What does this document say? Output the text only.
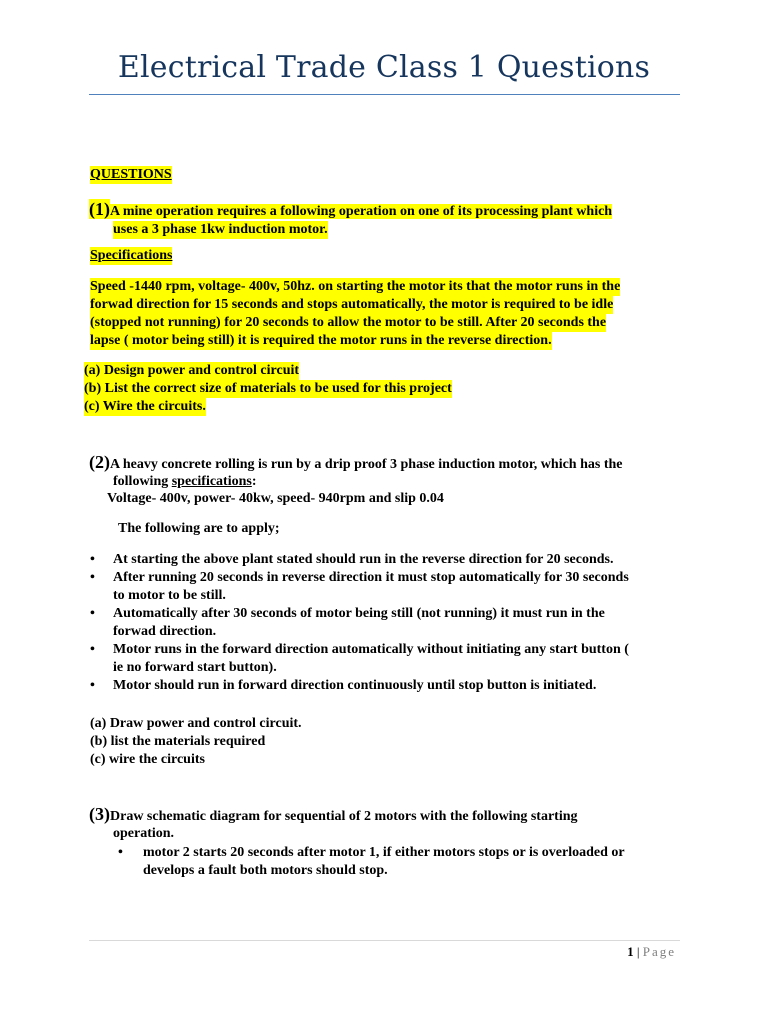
Electrical Trade Class 1 Questions
QUESTIONS
(1)A mine operation requires a following operation on one of its processing plant which
uses a 3 phase 1kw induction motor.
Specifications
Speed -1440 rpm, voltage- 400v, 50hz. on starting the motor its that the motor runs in the
forwad direction for 15 seconds and stops automatically, the motor is required to be idle
(stopped not running) for 20 seconds to allow the motor to be still. After 20 seconds the
lapse ( motor being still) it is required the motor runs in the reverse direction.
(a) Design power and control circuit
(b) List the correct size of materials to be used for this project
(c) Wire the circuits.
(2)A heavy concrete rolling is run by a drip proof 3 phase induction motor, which has the
following specifications:
Voltage- 400v, power- 40kw, speed- 940rpm and slip 0.04
The following are to apply;
• At starting the above plant stated should run in the reverse direction for 20 seconds.
• After running 20 seconds in reverse direction it must stop automatically for 30 seconds
to motor to be still.
• Automatically after 30 seconds of motor being still (not running) it must run in the
forwad direction.
• Motor runs in the forward direction automatically without initiating any start button (
ie no forward start button).
• Motor should run in forward direction continuously until stop button is initiated.
(a) Draw power and control circuit.
(b) list the materials required
(c) wire the circuits
(3)Draw schematic diagram for sequential of 2 motors with the following starting
operation.
• motor 2 starts 20 seconds after motor 1, if either motors stops or is overloaded or
develops a fault both motors should stop.
1 | Page
